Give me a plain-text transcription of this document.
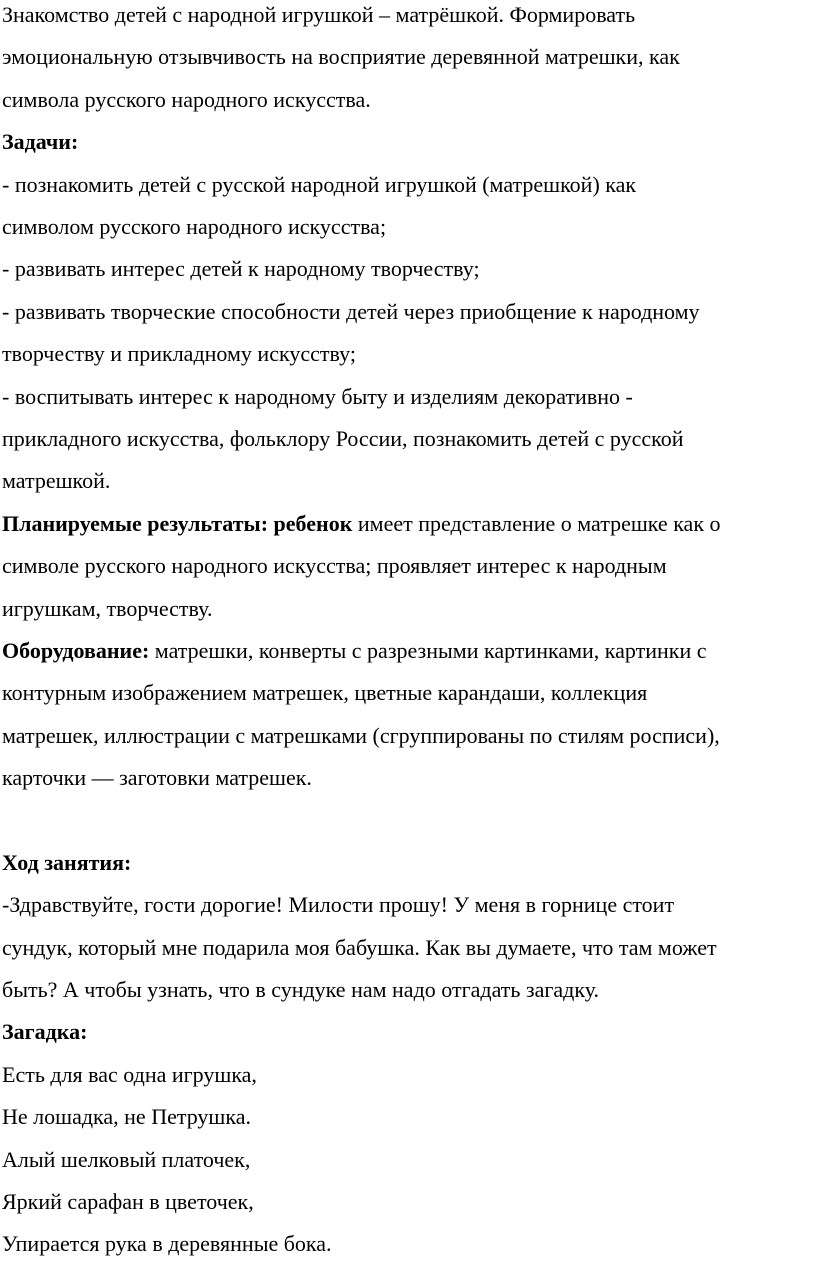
Знакомство детей с народной игрушкой – матрёшкой. Формировать
эмоциональную отзывчивость на восприятие деревянной матрешки, как
символа русского народного искусства.
Задачи:
- познакомить детей с русской народной игрушкой (матрешкой) как
символом русского народного искусства;
- развивать интерес детей к народному творчеству;
- развивать творческие способности детей через приобщение к народному
творчеству и прикладному искусству;
- воспитывать интерес к народному быту и изделиям декоративно -
прикладного искусства, фольклору России, познакомить детей с русской
матрешкой.
Планируемые результаты: ребенок имеет представление о матрешке как о
символе русского народного искусства; проявляет интерес к народным
игрушкам, творчеству.
Оборудование: матрешки, конверты с разрезными картинками, картинки с
контурным изображением матрешек, цветные карандаши, коллекция
матрешек, иллюстрации с матрешками (сгруппированы по стилям росписи),
карточки — заготовки матрешек.
Ход занятия:
-Здравствуйте, гости дорогие! Милости прошу! У меня в горнице стоит
сундук, который мне подарила моя бабушка. Как вы думаете, что там может
быть? А чтобы узнать, что в сундуке нам надо отгадать загадку.
Загадка:
Есть для вас одна игрушка,
Не лошадка, не Петрушка.
Алый шелковый платочек,
Яркий сарафан в цветочек,
Упирается рука в деревянные бока.
